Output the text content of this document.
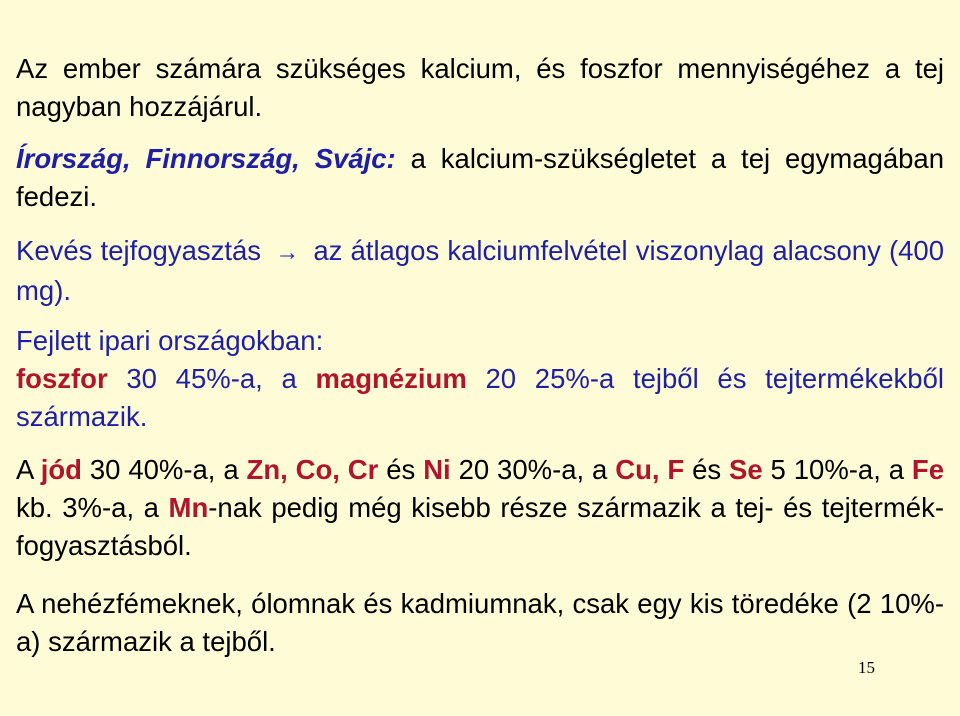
Az ember számára szükséges kalcium, és foszfor mennyiségéhez a tej nagyban hozzájárul.

Írország, Finnország, Svájc: a kalcium-szükségletet a tej egymagában fedezi.

Kevés tejfogyasztás → az átlagos kalciumfelvétel viszonylag alacsony (400 mg).

Fejlett ipari országokban:
foszfor 30 45%-a, a magnézium 20 25%-a tejből és tejtermékekből származik.

A jód 30 40%-a, a Zn, Co, Cr és Ni 20 30%-a, a Cu, F és Se 5 10%-a, a Fe kb. 3%-a, a Mn-nak pedig még kisebb része származik a tej- és tejtermék-fogyasztásból.

A nehézfémeknek, ólomnak és kadmiumnak, csak egy kis töredéke (2 10%-a) származik a tejből.

15
